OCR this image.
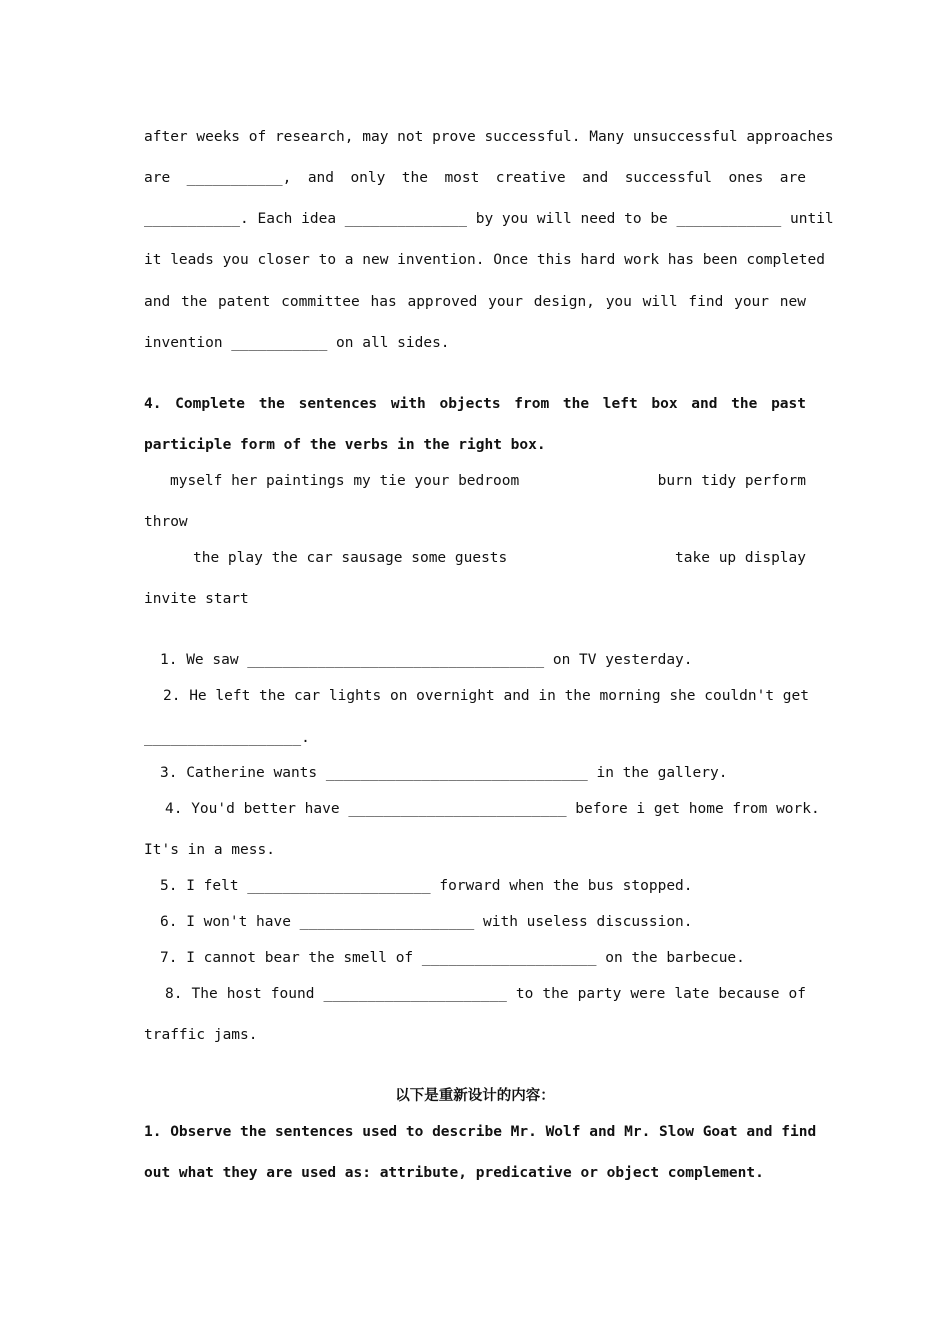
after weeks of research, may not prove successful. Many unsuccessful approaches
are ___________, and only the most creative and successful ones are
___________. Each idea ______________ by you will need to be ____________ until
it leads you closer to a new invention. Once this hard work has been completed
and the patent committee has approved your design, you will find your new
invention ___________ on all sides.
4. Complete the sentences with objects from the left box and the past
participle form of the verbs in the right box.
myself her paintings my tie your bedroom	burn tidy perform
throw
the play the car sausage some guests	take up display
invite start
1. We saw __________________________________ on TV yesterday.
2. He left the car lights on overnight and in the morning she couldn't get
__________________.
3. Catherine wants ______________________________ in the gallery.
4. You'd better have _________________________ before i get home from work.
It's in a mess.
5. I felt _____________________ forward when the bus stopped.
6. I won't have ____________________ with useless discussion.
7. I cannot bear the smell of ____________________ on the barbecue.
8. The host found _____________________ to the party were late because of
traffic jams.
以下是重新设计的内容：
1. Observe the sentences used to describe Mr. Wolf and Mr. Slow Goat and find
out what they are used as: attribute, predicative or object complement.
